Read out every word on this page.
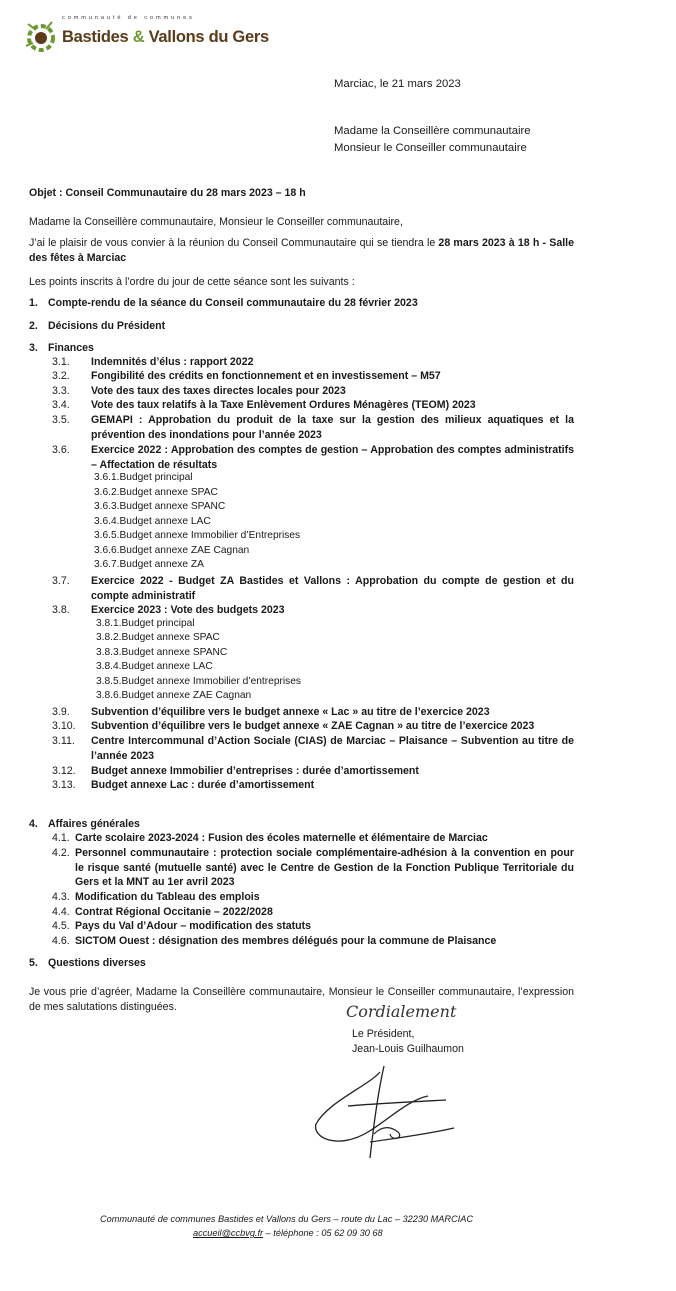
communauté de communes
Bastides & Vallons du Gers
Marciac, le 21 mars 2023
Madame la Conseillère communautaire
Monsieur le Conseiller communautaire
Objet : Conseil Communautaire du 28 mars 2023 – 18 h
Madame la Conseillère communautaire, Monsieur le Conseiller communautaire,
J’ai le plaisir de vous convier à la réunion du Conseil Communautaire qui se tiendra le 28 mars 2023 à 18 h - Salle des fêtes à Marciac
Les points inscrits à l’ordre du jour de cette séance sont les suivants :
1. Compte-rendu de la séance du Conseil communautaire du 28 février 2023
2. Décisions du Président
3. Finances
3.1. Indemnités d’élus : rapport 2022
3.2. Fongibilité des crédits en fonctionnement et en investissement – M57
3.3. Vote des taux des taxes directes locales pour 2023
3.4. Vote des taux relatifs à la Taxe Enlèvement Ordures Ménagères (TEOM) 2023
3.5. GEMAPI : Approbation du produit de la taxe sur la gestion des milieux aquatiques et la prévention des inondations pour l’année 2023
3.6. Exercice 2022 : Approbation des comptes de gestion – Approbation des comptes administratifs – Affectation de résultats
3.6.1.Budget principal
3.6.2.Budget annexe SPAC
3.6.3.Budget annexe SPANC
3.6.4.Budget annexe LAC
3.6.5.Budget annexe Immobilier d’Entreprises
3.6.6.Budget annexe ZAE Cagnan
3.6.7.Budget annexe ZA
3.7. Exercice 2022 - Budget ZA Bastides et Vallons : Approbation du compte de gestion et du compte administratif
3.8. Exercice 2023 : Vote des budgets 2023
3.8.1.Budget principal
3.8.2.Budget annexe SPAC
3.8.3.Budget annexe SPANC
3.8.4.Budget annexe LAC
3.8.5.Budget annexe Immobilier d’entreprises
3.8.6.Budget annexe ZAE Cagnan
3.9. Subvention d’équilibre vers le budget annexe « Lac » au titre de l’exercice 2023
3.10. Subvention d’équilibre vers le budget annexe « ZAE Cagnan » au titre de l’exercice 2023
3.11. Centre Intercommunal d’Action Sociale (CIAS) de Marciac – Plaisance – Subvention au titre de l’année 2023
3.12. Budget annexe Immobilier d’entreprises : durée d’amortissement
3.13. Budget annexe Lac : durée d’amortissement
4. Affaires générales
4.1. Carte scolaire 2023-2024 : Fusion des écoles maternelle et élémentaire de Marciac
4.2. Personnel communautaire : protection sociale complémentaire-adhésion à la convention en pour le risque santé (mutuelle santé) avec le Centre de Gestion de la Fonction Publique Territoriale du Gers et la MNT au 1er avril 2023
4.3. Modification du Tableau des emplois
4.4. Contrat Régional Occitanie – 2022/2028
4.5. Pays du Val d’Adour – modification des statuts
4.6. SICTOM Ouest : désignation des membres délégués pour la commune de Plaisance
5. Questions diverses
Je vous prie d’agréer, Madame la Conseillère communautaire, Monsieur le Conseiller communautaire, l’expression de mes salutations distinguées.	Cordialement
Le Président,
Jean-Louis Guilhaumon
Communauté de communes Bastides et Vallons du Gers – route du Lac – 32230 MARCIAC
accueil@ccbvg.fr – téléphone : 05 62 09 30 68
